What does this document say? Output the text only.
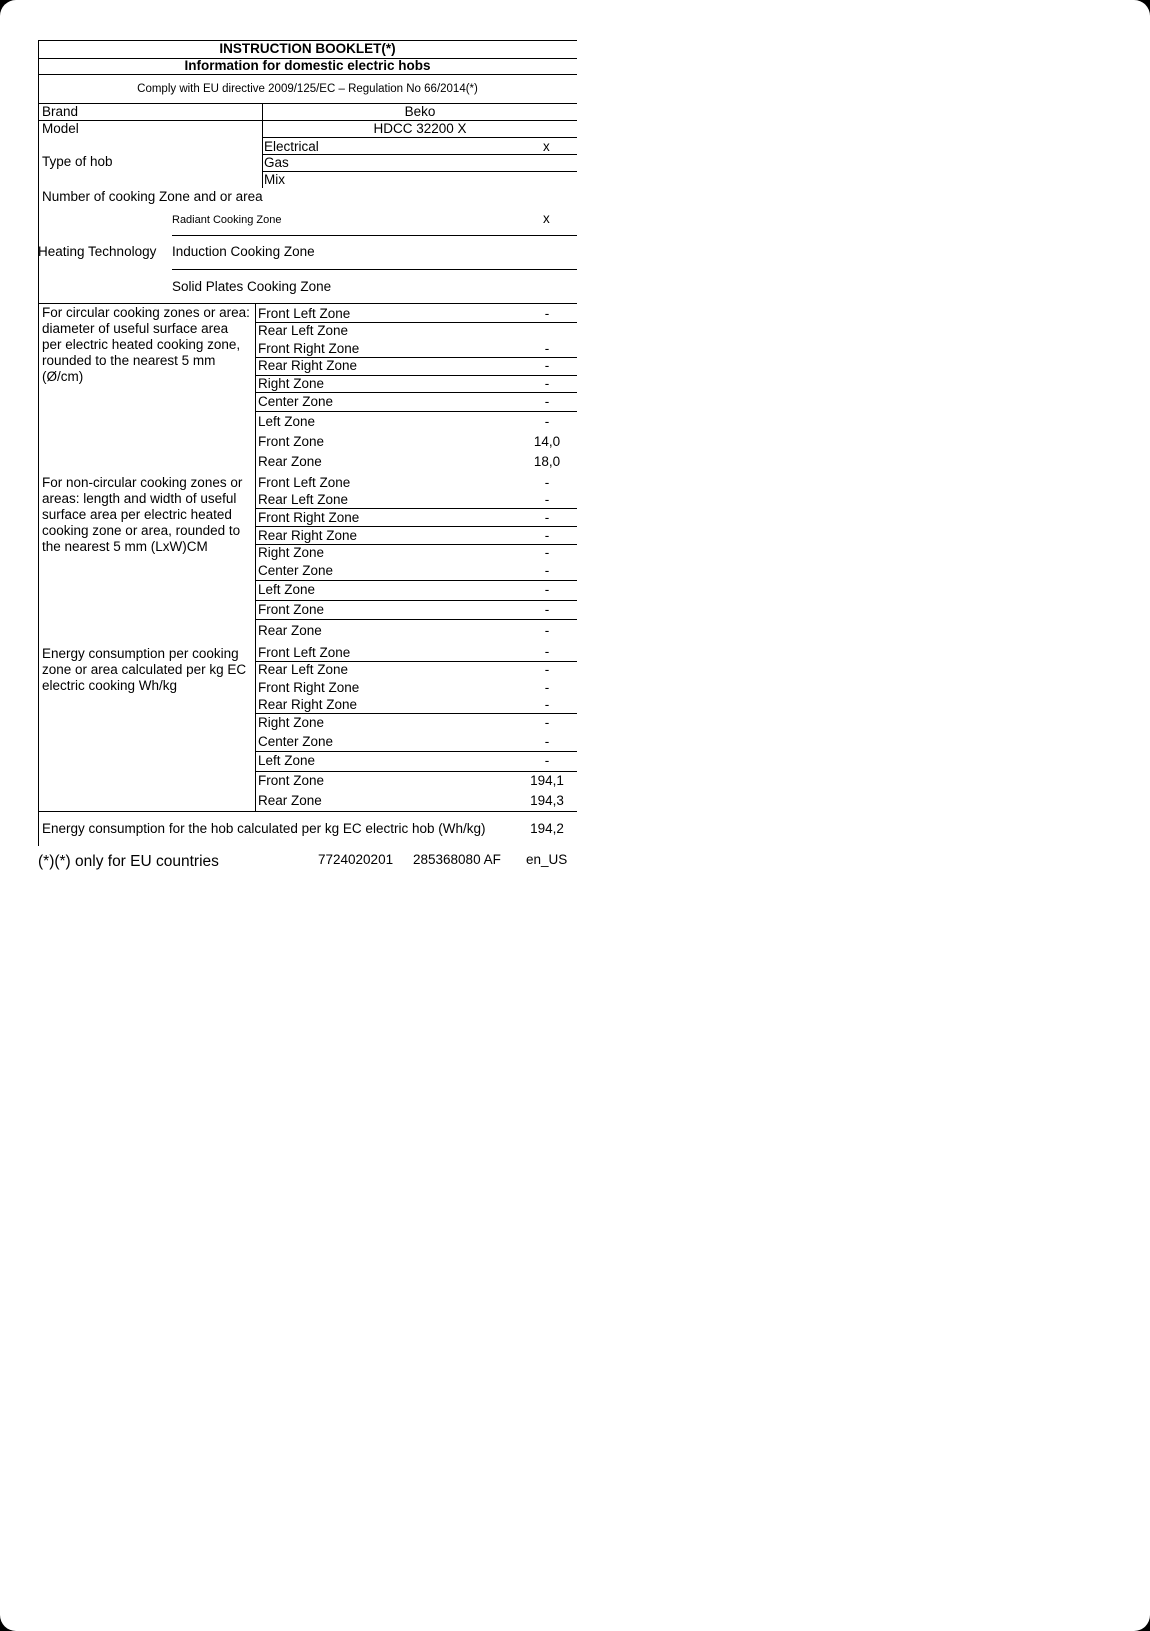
INSTRUCTION BOOKLET(*)
Information for domestic electric hobs
Comply with EU directive 2009/125/EC – Regulation No 66/2014(*)
Brand	Beko
Model	HDCC 32200 X
Type of hob
Electrical	x
Gas
Mix
Number of cooking Zone and or area
Heating Technology
Radiant Cooking Zone	x
Induction Cooking Zone
Solid Plates Cooking Zone
For circular cooking zones or area: diameter of useful surface area per electric heated cooking zone, rounded to the nearest 5 mm (Ø/cm)
For non-circular cooking zones or areas: length and width of useful surface area per electric heated cooking zone or area, rounded to the nearest 5 mm (LxW)CM
Energy consumption per cooking zone or area calculated per kg EC electric cooking Wh/kg
Front Left Zone	-
Rear Left Zone
Front Right Zone	-
Rear Right Zone	-
Right Zone	-
Center Zone	-
Left Zone	-
Front Zone	14,0
Rear Zone	18,0
Front Left Zone	-
Rear Left Zone	-
Front Right Zone	-
Rear Right Zone	-
Right Zone	-
Center Zone	-
Left Zone	-
Front Zone	-
Rear Zone	-
Front Left Zone	-
Rear Left Zone	-
Front Right Zone	-
Rear Right Zone	-
Right Zone	-
Center Zone	-
Left Zone	-
Front Zone	194,1
Rear Zone	194,3
Energy consumption for the hob calculated per kg EC electric hob (Wh/kg)	194,2
(*)(*) only for EU countries	7724020201 285368080 AF en_US
